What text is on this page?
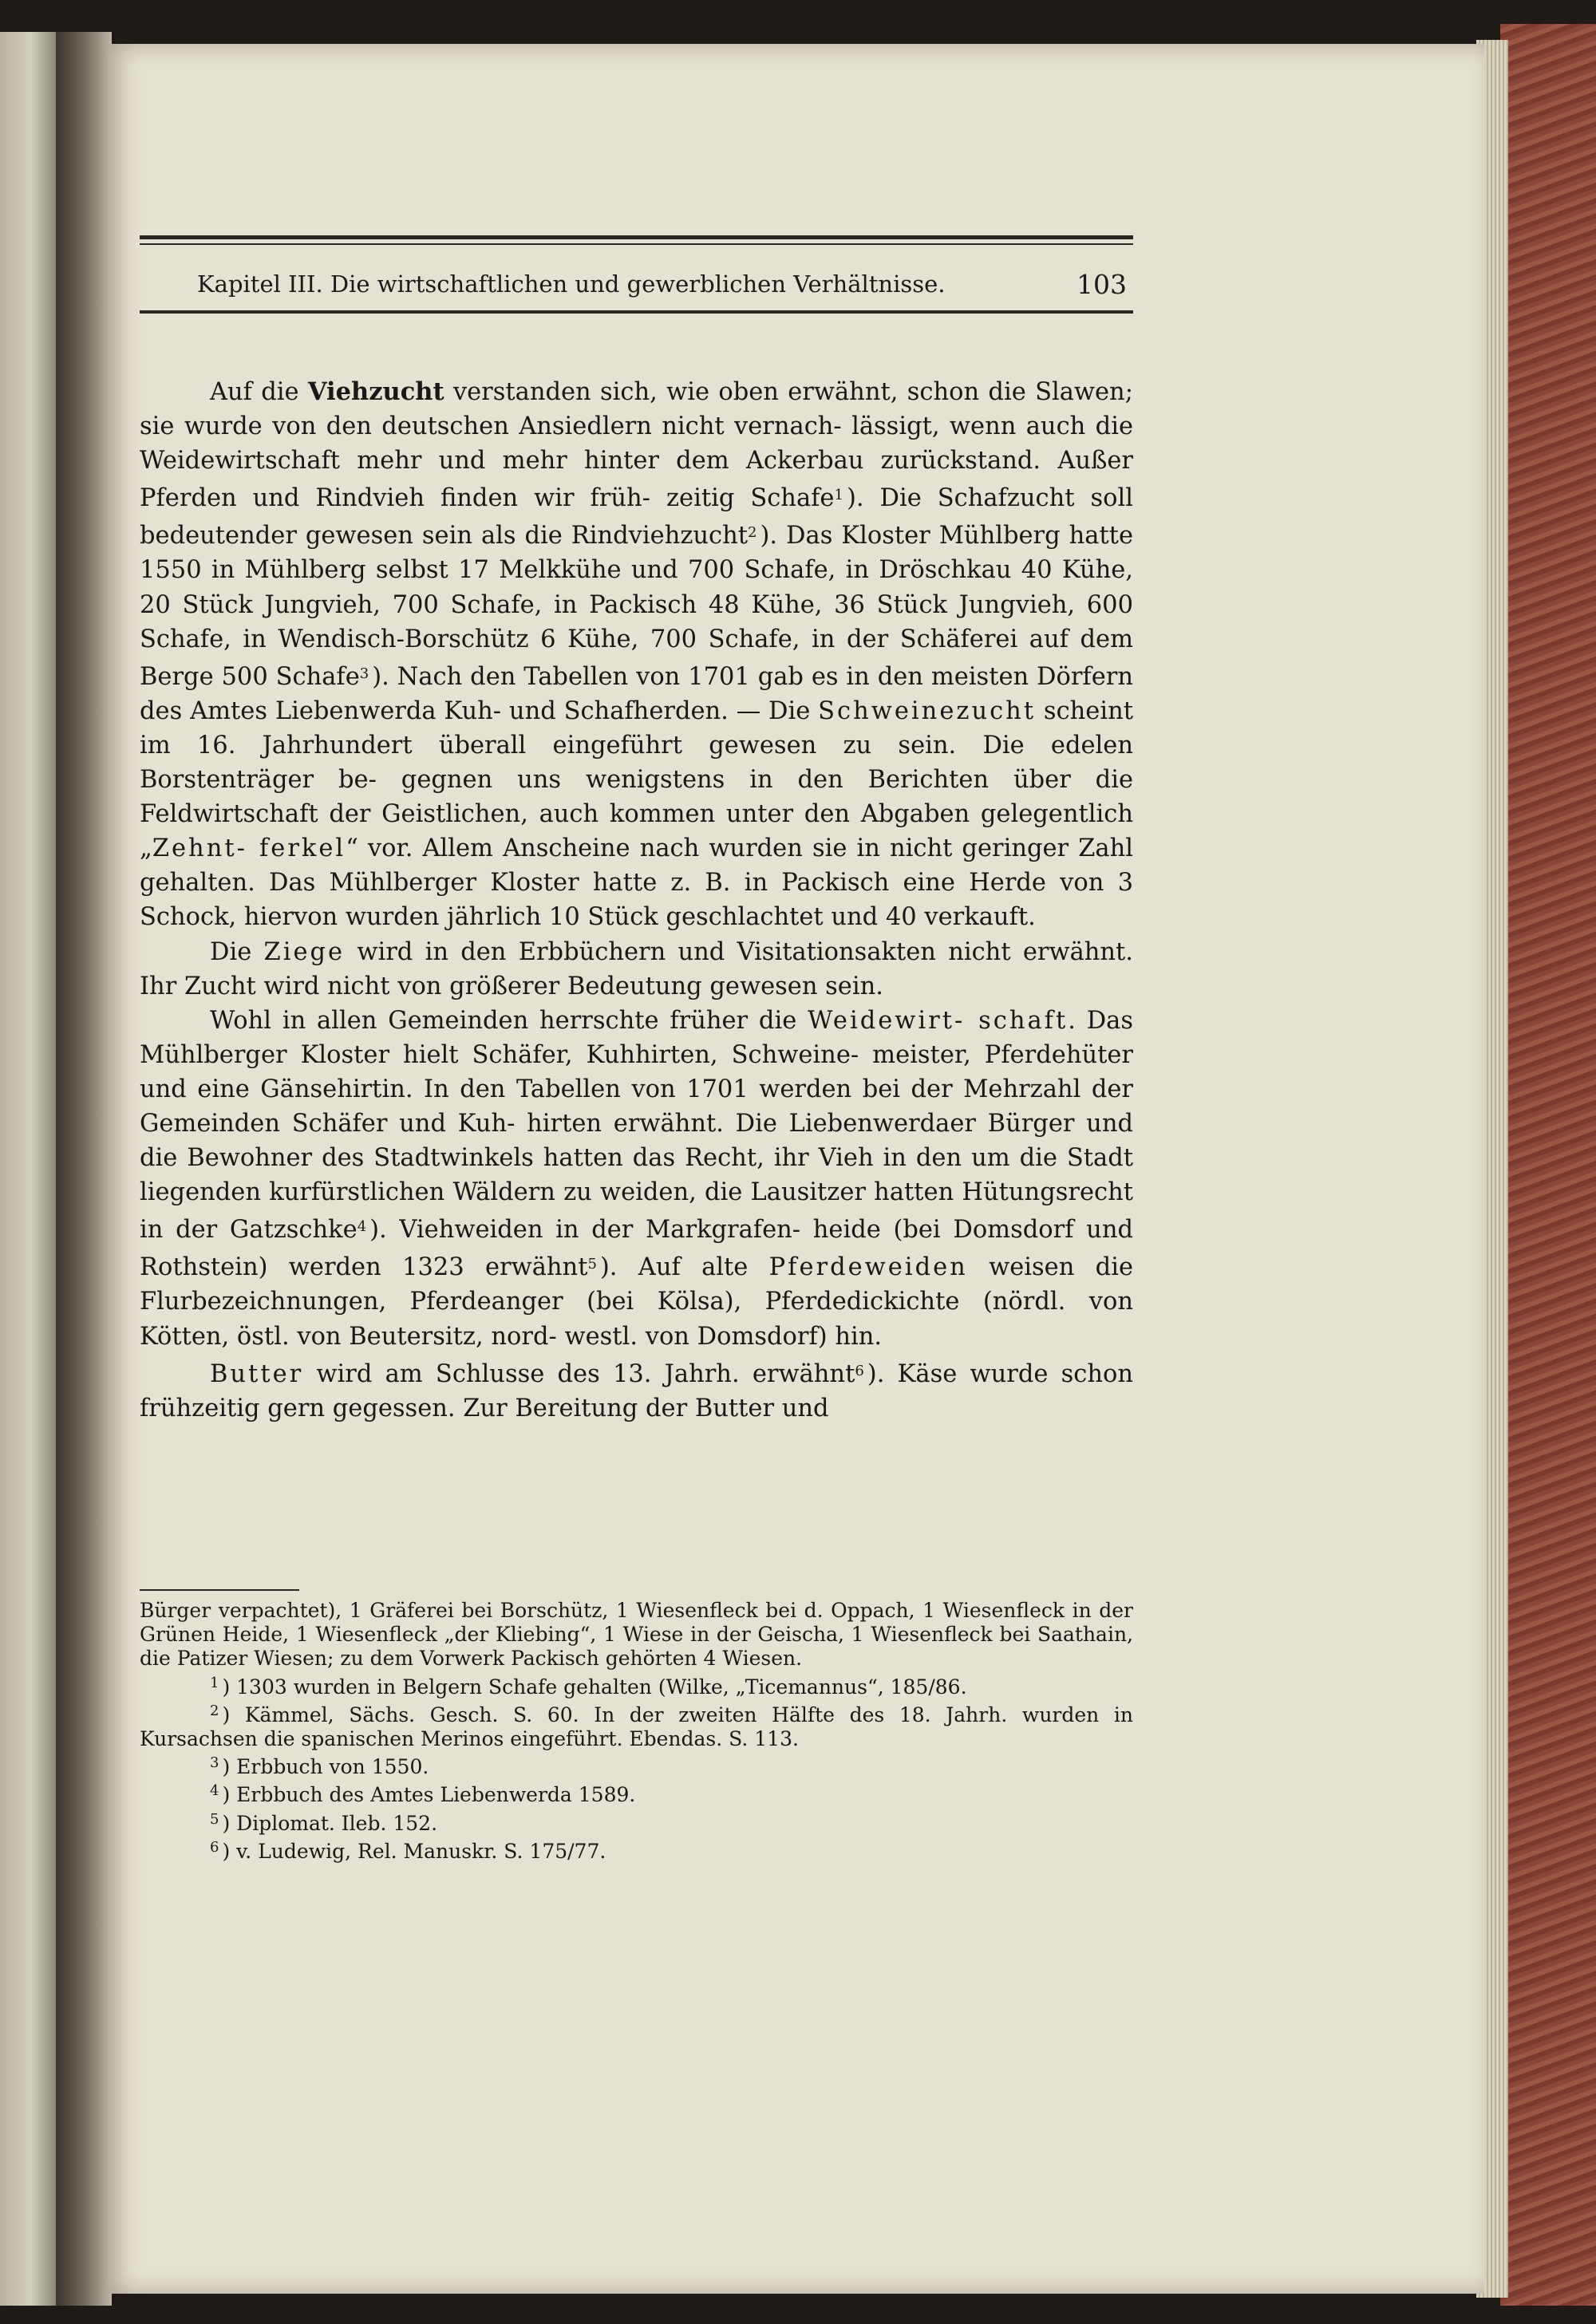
Kapitel III. Die wirtschaftlichen und gewerblichen Verhältnisse.	103

Auf die Viehzucht verstanden sich, wie oben erwähnt, schon die Slawen; sie wurde von den deutschen Ansiedlern nicht vernach- lässigt, wenn auch die Weidewirtschaft mehr und mehr hinter dem Ackerbau zurückstand. Außer Pferden und Rindvieh finden wir früh- zeitig Schafe$^1$ ). Die Schafzucht soll bedeutender gewesen sein als die Rindviehzucht$^2$ ). Das Kloster Mühlberg hatte 1550 in Mühlberg selbst 17 Melkkühe und 700 Schafe, in Dröschkau 40 Kühe, 20 Stück Jungvieh, 700 Schafe, in Packisch 48 Kühe, 36 Stück Jungvieh, 600 Schafe, in Wendisch-Borschütz 6 Kühe, 700 Schafe, in der Schäferei auf dem Berge 500 Schafe$^3$ ). Nach den Tabellen von 1701 gab es in den meisten Dörfern des Amtes Liebenwerda Kuh- und Schafherden. — Die Schweinezucht scheint im 16. Jahrhundert überall eingeführt gewesen zu sein. Die edelen Borstenträger be- gegnen uns wenigstens in den Berichten über die Feldwirtschaft der Geistlichen, auch kommen unter den Abgaben gelegentlich „Zehnt- ferkel“ vor. Allem Anscheine nach wurden sie in nicht geringer Zahl gehalten. Das Mühlberger Kloster hatte z. B. in Packisch eine Herde von 3 Schock, hiervon wurden jährlich 10 Stück geschlachtet und 40 verkauft.

Die Ziege wird in den Erbbüchern und Visitationsakten nicht erwähnt. Ihr Zucht wird nicht von größerer Bedeutung gewesen sein.

Wohl in allen Gemeinden herrschte früher die Weidewirt- schaft. Das Mühlberger Kloster hielt Schäfer, Kuhhirten, Schweine- meister, Pferdehüter und eine Gänsehirtin. In den Tabellen von 1701 werden bei der Mehrzahl der Gemeinden Schäfer und Kuh- hirten erwähnt. Die Liebenwerdaer Bürger und die Bewohner des Stadtwinkels hatten das Recht, ihr Vieh in den um die Stadt liegenden kurfürstlichen Wäldern zu weiden, die Lausitzer hatten Hütungsrecht in der Gatzschke$^4$ ). Viehweiden in der Markgrafen- heide (bei Domsdorf und Rothstein) werden 1323 erwähnt$^5$ ). Auf alte Pferdeweiden weisen die Flurbezeichnungen, Pferdeanger (bei Kölsa), Pferdedickichte (nördl. von Kötten, östl. von Beutersitz, nord- westl. von Domsdorf) hin.

Butter wird am Schlusse des 13. Jahrh. erwähnt$^6$ ). Käse wurde schon frühzeitig gern gegessen. Zur Bereitung der Butter und

Bürger verpachtet), 1 Gräferei bei Borschütz, 1 Wiesenfleck bei d. Oppach, 1 Wiesenfleck in der Grünen Heide, 1 Wiesenfleck „der Kliebing“, 1 Wiese in der Geischa, 1 Wiesenfleck bei Saathain, die Patizer Wiesen; zu dem Vorwerk Packisch gehörten 4 Wiesen.

$^1$ ) 1303 wurden in Belgern Schafe gehalten (Wilke, „Ticemannus“, 185/86.

$^2$ ) Kämmel, Sächs. Gesch. S. 60. In der zweiten Hälfte des 18. Jahrh. wurden in Kursachsen die spanischen Merinos eingeführt. Ebendas. S. 113.

$^3$ ) Erbbuch von 1550.

$^4$ ) Erbbuch des Amtes Liebenwerda 1589.

$^5$ ) Diplomat. Ileb. 152.

$^6$ ) v. Ludewig, Rel. Manuskr. S. 175/77.
